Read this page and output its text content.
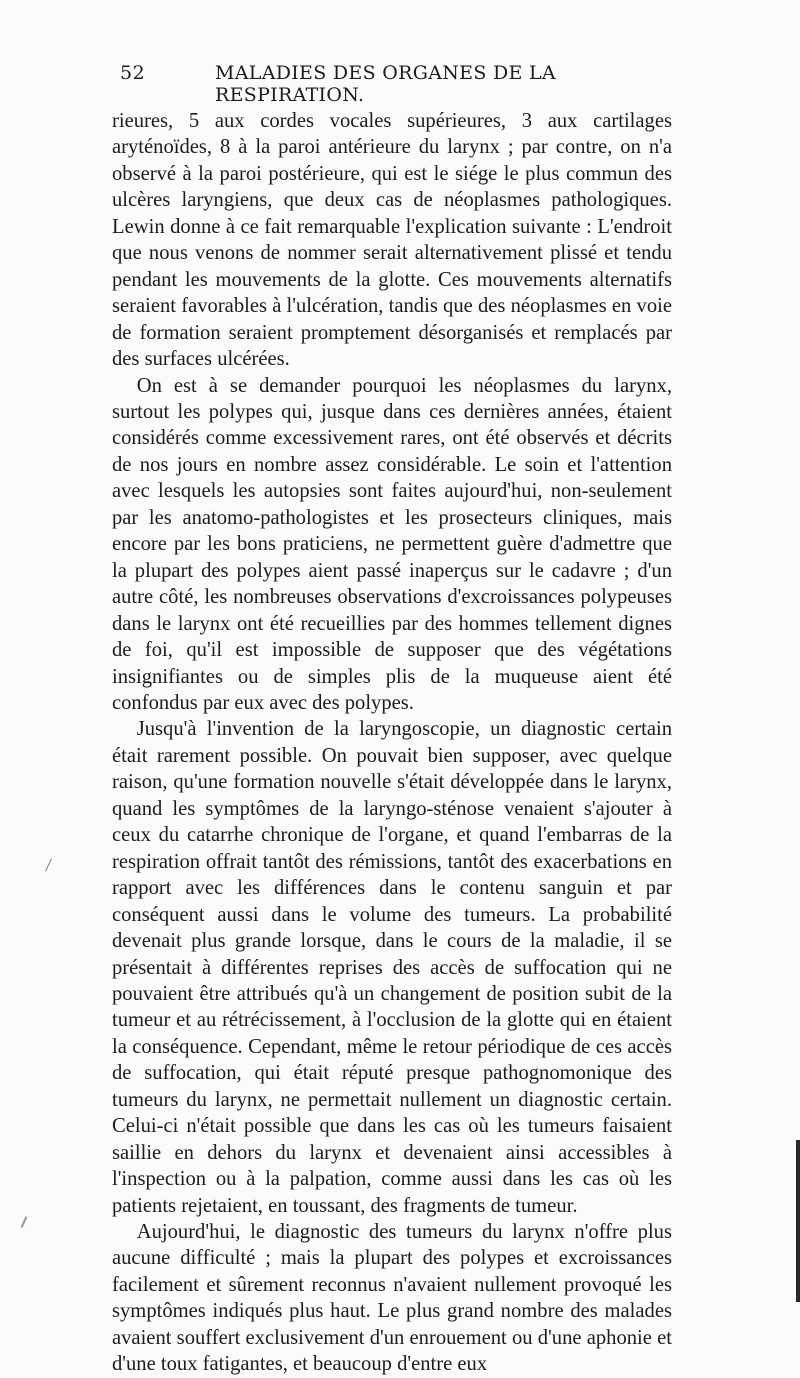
52	MALADIES DES ORGANES DE LA RESPIRATION.

rieures, 5 aux cordes vocales supérieures, 3 aux cartilages aryténoïdes, 8 à la paroi antérieure du larynx ; par contre, on n'a observé à la paroi postérieure, qui est le siége le plus commun des ulcères laryngiens, que deux cas de néoplasmes pathologiques. Lewin donne à ce fait remarquable l'explication suivante : L'endroit que nous venons de nommer serait alternativement plissé et tendu pendant les mouvements de la glotte. Ces mouvements alternatifs seraient favorables à l'ulcération, tandis que des néoplasmes en voie de formation seraient promptement désorganisés et remplacés par des surfaces ulcérées.

On est à se demander pourquoi les néoplasmes du larynx, surtout les polypes qui, jusque dans ces dernières années, étaient considérés comme excessivement rares, ont été observés et décrits de nos jours en nombre assez considérable. Le soin et l'attention avec lesquels les autopsies sont faites aujourd'hui, non-seulement par les anatomo-pathologistes et les prosecteurs cliniques, mais encore par les bons praticiens, ne permettent guère d'admettre que la plupart des polypes aient passé inaperçus sur le cadavre ; d'un autre côté, les nombreuses observations d'excroissances polypeuses dans le larynx ont été recueillies par des hommes tellement dignes de foi, qu'il est impossible de supposer que des végétations insignifiantes ou de simples plis de la muqueuse aient été confondus par eux avec des polypes.

Jusqu'à l'invention de la laryngoscopie, un diagnostic certain était rarement possible. On pouvait bien supposer, avec quelque raison, qu'une formation nouvelle s'était développée dans le larynx, quand les symptômes de la laryngo-sténose venaient s'ajouter à ceux du catarrhe chronique de l'organe, et quand l'embarras de la respiration offrait tantôt des rémissions, tantôt des exacerbations en rapport avec les différences dans le contenu sanguin et par conséquent aussi dans le volume des tumeurs. La probabilité devenait plus grande lorsque, dans le cours de la maladie, il se présentait à différentes reprises des accès de suffocation qui ne pouvaient être attribués qu'à un changement de position subit de la tumeur et au rétrécissement, à l'occlusion de la glotte qui en étaient la conséquence. Cependant, même le retour périodique de ces accès de suffocation, qui était réputé presque pathognomonique des tumeurs du larynx, ne permettait nullement un diagnostic certain. Celui-ci n'était possible que dans les cas où les tumeurs faisaient saillie en dehors du larynx et devenaient ainsi accessibles à l'inspection ou à la palpation, comme aussi dans les cas où les patients rejetaient, en toussant, des fragments de tumeur.

Aujourd'hui, le diagnostic des tumeurs du larynx n'offre plus aucune difficulté ; mais la plupart des polypes et excroissances facilement et sûrement reconnus n'avaient nullement provoqué les symptômes indiqués plus haut. Le plus grand nombre des malades avaient souffert exclusivement d'un enrouement ou d'une aphonie et d'une toux fatigantes, et beaucoup d'entre eux
